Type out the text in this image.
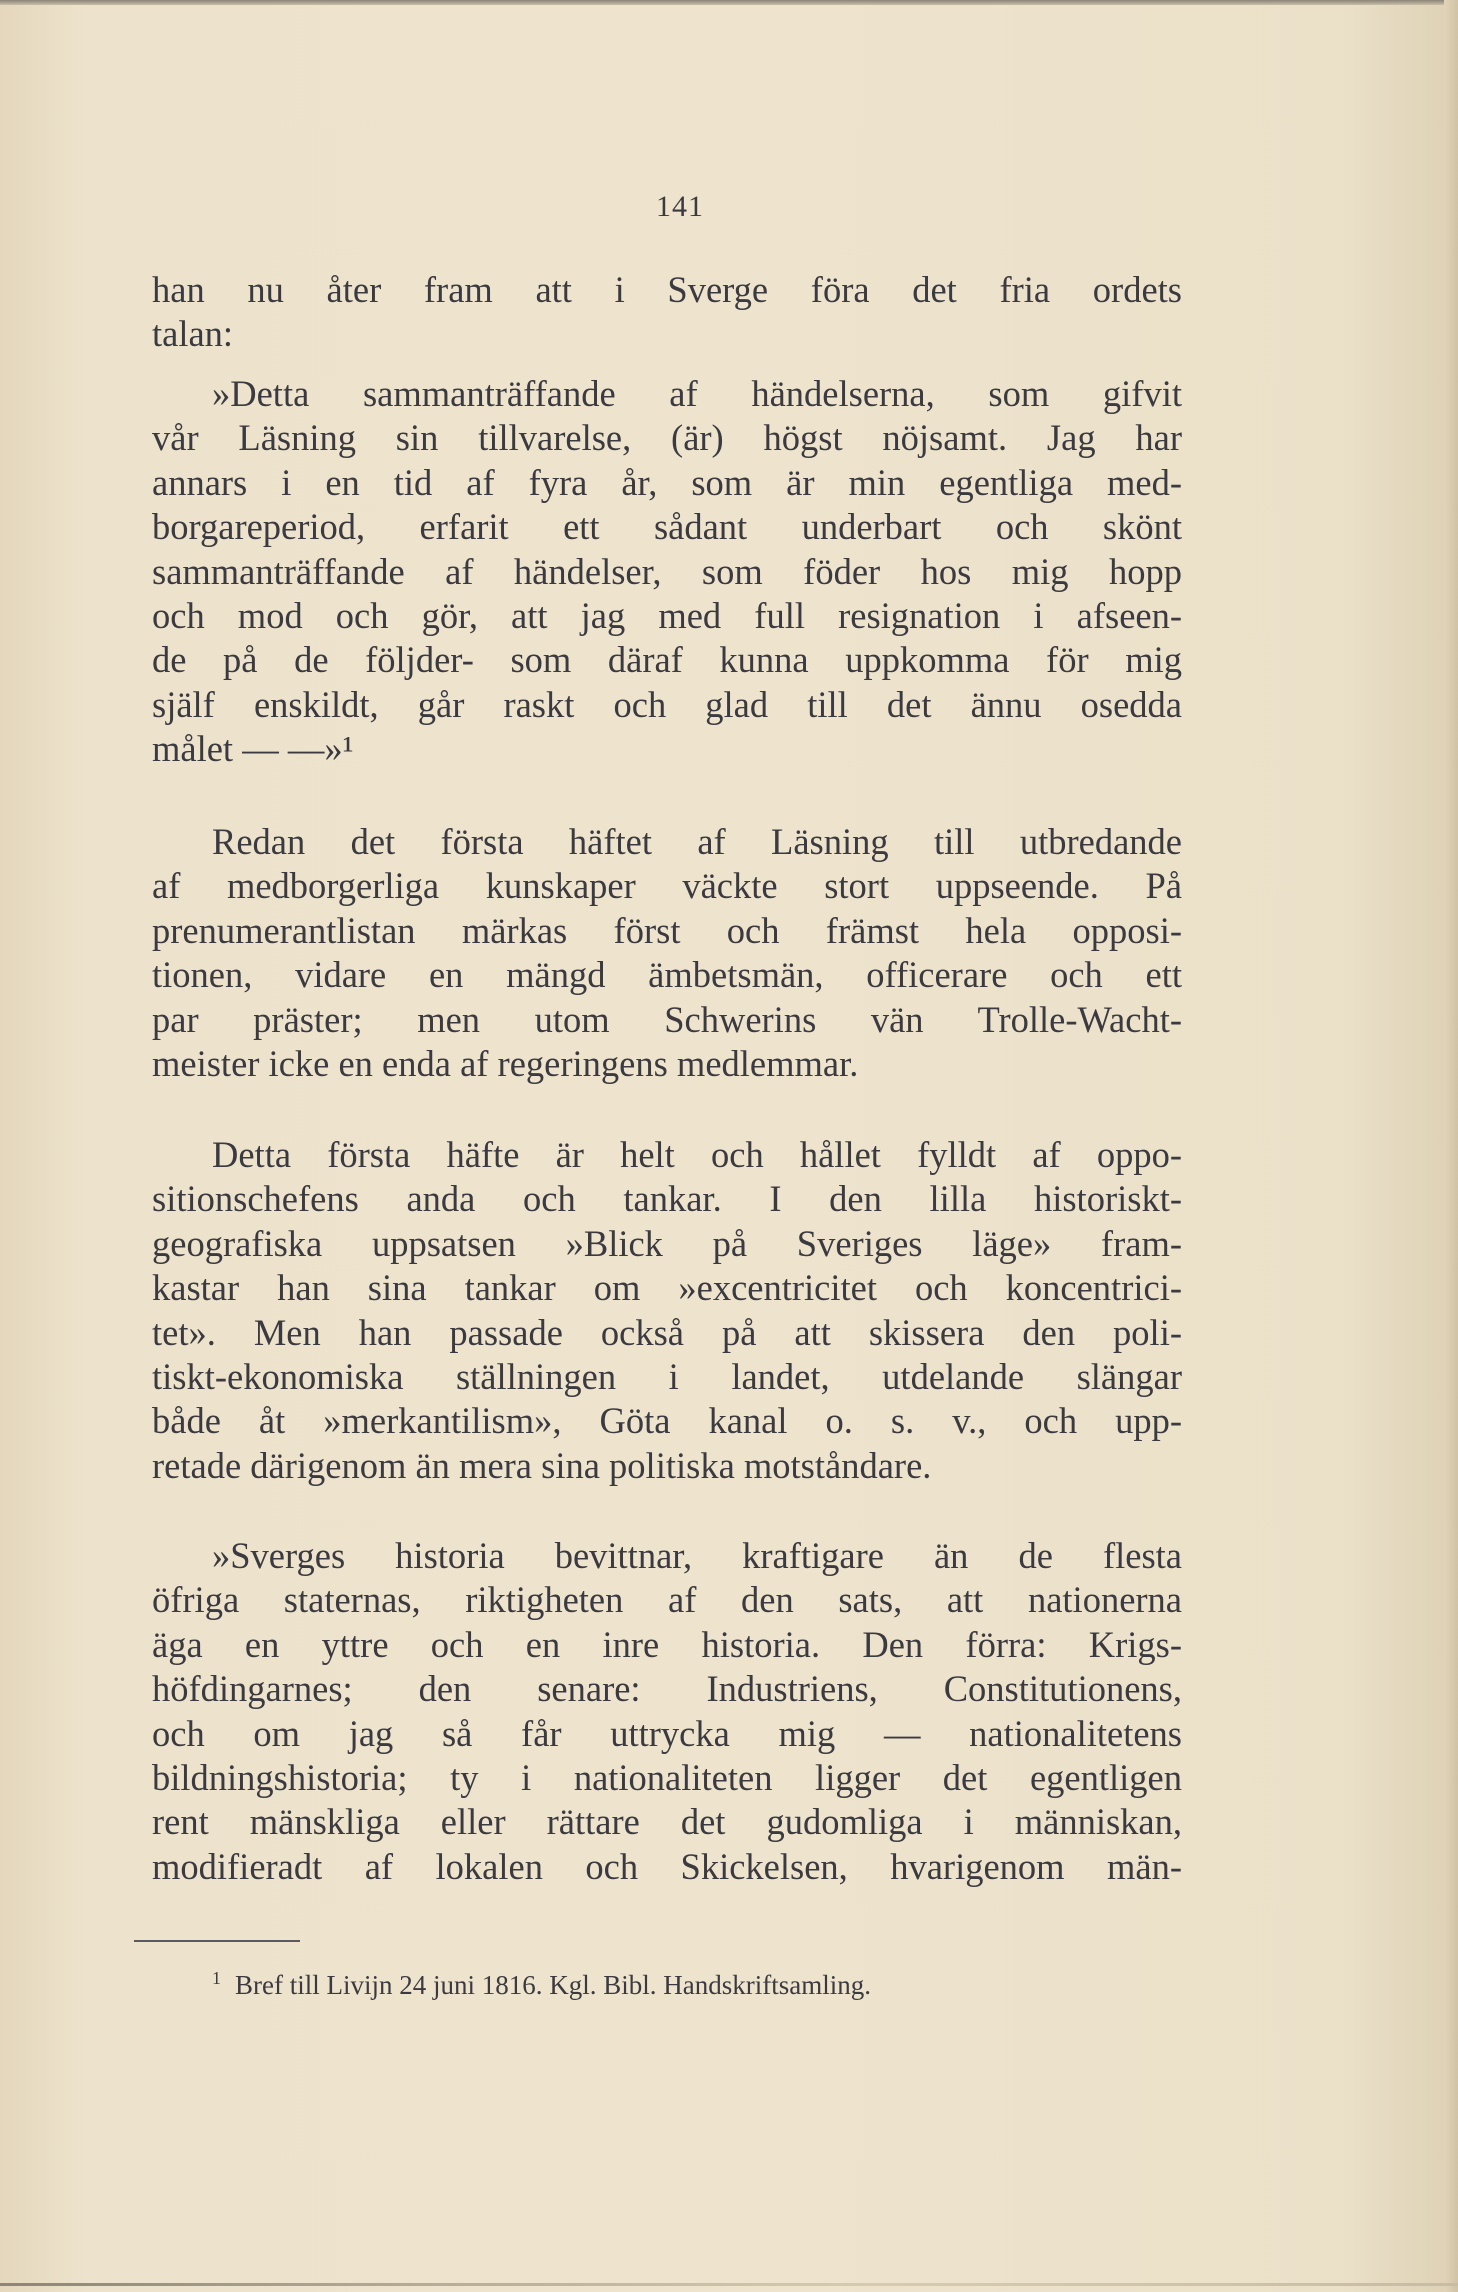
141
han nu åter fram att i Sverge föra det fria ordets
talan:
»Detta sammanträffande af händelserna, som gifvit
vår Läsning sin tillvarelse, (är) högst nöjsamt. Jag har
annars i en tid af fyra år, som är min egentliga med-
borgareperiod, erfarit ett sådant underbart och skönt
sammanträffande af händelser, som föder hos mig hopp
och mod och gör, att jag med full resignation i afseen-
de på de följder- som däraf kunna uppkomma för mig
själf enskildt, går raskt och glad till det ännu osedda
målet — —»¹
Redan det första häftet af Läsning till utbredande
af medborgerliga kunskaper väckte stort uppseende. På
prenumerantlistan märkas först och främst hela opposi-
tionen, vidare en mängd ämbetsmän, officerare och ett
par präster; men utom Schwerins vän Trolle-Wacht-
meister icke en enda af regeringens medlemmar.
Detta första häfte är helt och hållet fylldt af oppo-
sitionschefens anda och tankar. I den lilla historiskt-
geografiska uppsatsen »Blick på Sveriges läge» fram-
kastar han sina tankar om »excentricitet och koncentrici-
tet». Men han passade också på att skissera den poli-
tiskt-ekonomiska ställningen i landet, utdelande slängar
både åt »merkantilism», Göta kanal o. s. v., och upp-
retade därigenom än mera sina politiska motståndare.
»Sverges historia bevittnar, kraftigare än de flesta
öfriga staternas, riktigheten af den sats, att nationerna
äga en yttre och en inre historia. Den förra: Krigs-
höfdingarnes; den senare: Industriens, Constitutionens,
och om jag så får uttrycka mig — nationalitetens
bildningshistoria; ty i nationaliteten ligger det egentligen
rent mänskliga eller rättare det gudomliga i människan,
modifieradt af lokalen och Skickelsen, hvarigenom män-
$^1$ Bref till Livijn 24 juni 1816. Kgl. Bibl. Handskriftsamling.
